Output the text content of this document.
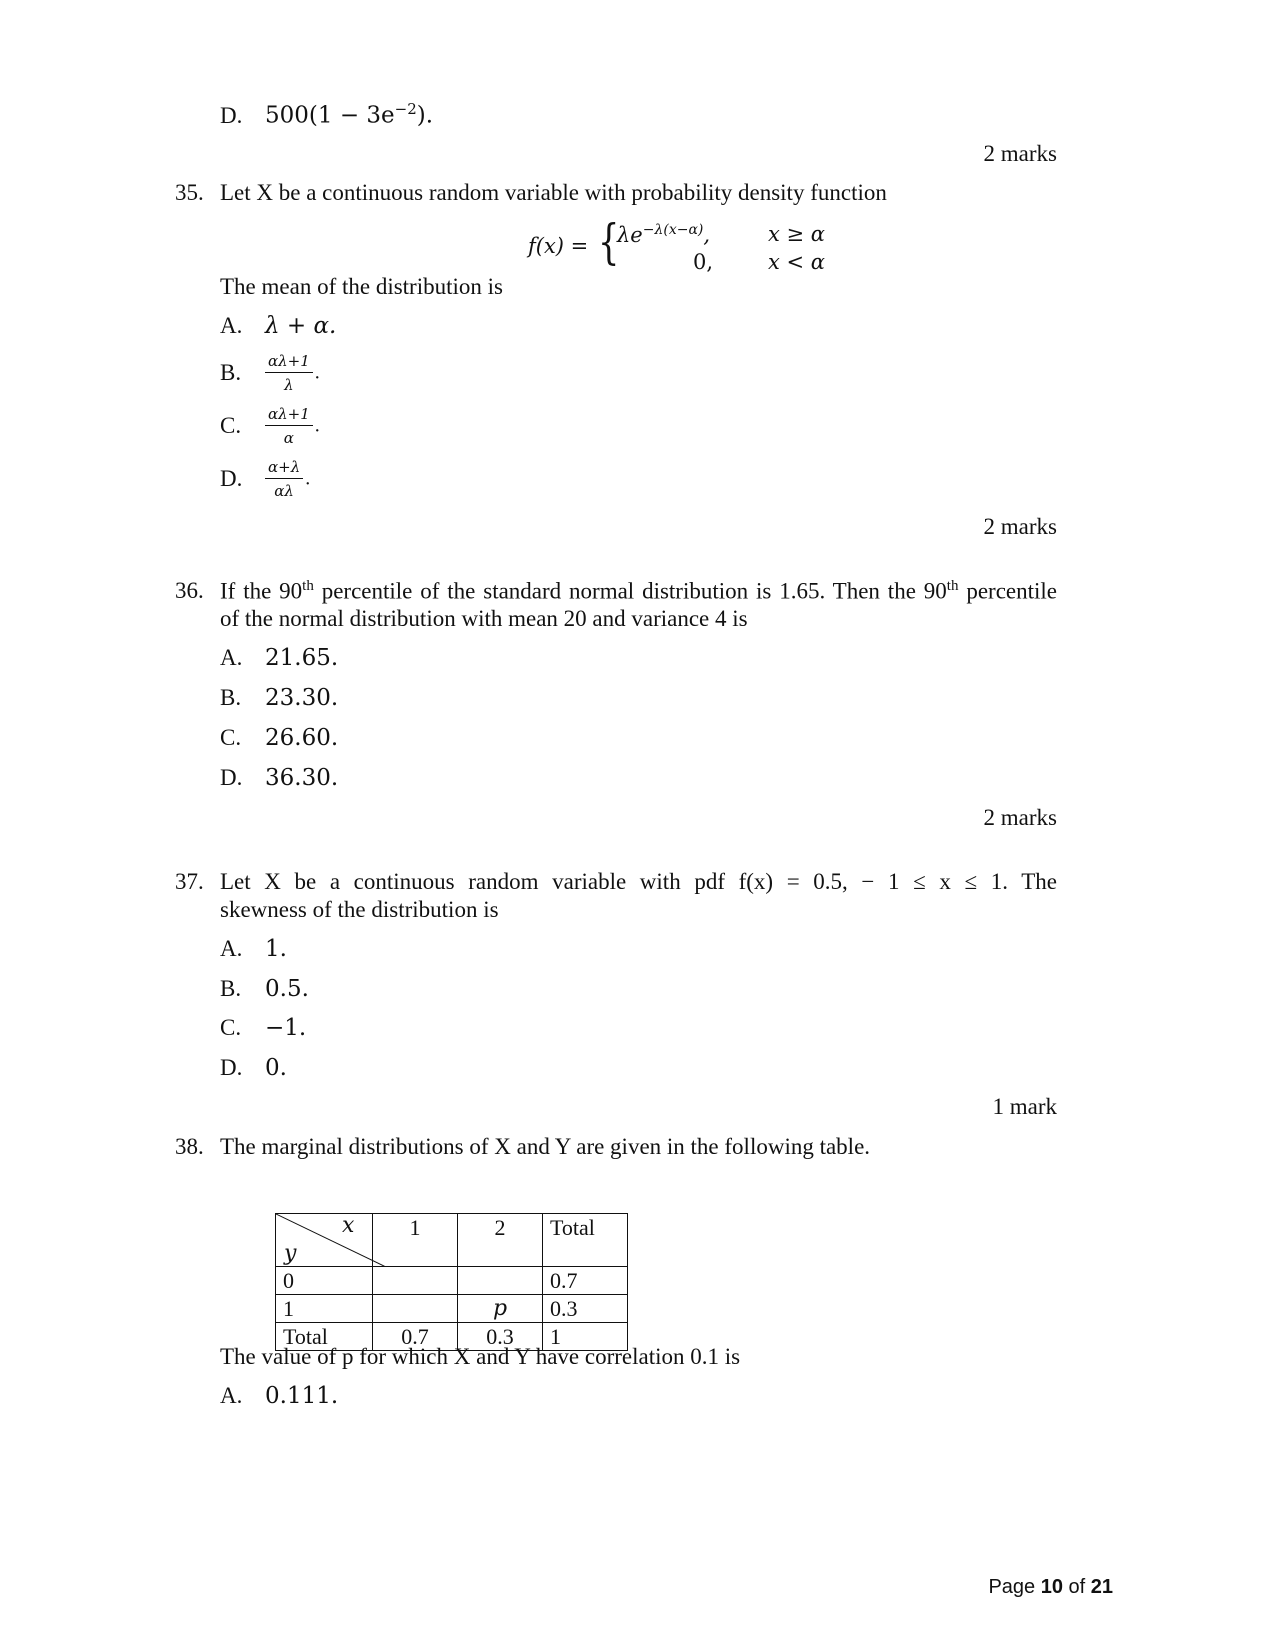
D. $500(1 - 3e^{-2})$.
2 marks
35. Let X be a continuous random variable with probability density function
f(x) = {
$\lambda e^{-\lambda(x-\alpha)}$,	x ≥ α
0,	x < α
The mean of the distribution is
A. λ + α.
B. $\frac{\alpha\lambda+1}{\lambda}$ .
C. $\frac{\alpha\lambda+1}{\alpha}$ .
D. $\frac{\alpha+\lambda}{\alpha\lambda}$ .
2 marks
36. If the 90th percentile of the standard normal distribution is 1.65. Then the 90th percentile
of the normal distribution with mean 20 and variance 4 is
A. 21.65.
B. 23.30.
C. 26.60.
D. 36.30.
2 marks
37. Let X be a continuous random variable with pdf f(x) = 0.5, − 1 ≤ x ≤ 1. The
skewness of the distribution is
A. 1.
B. 0.5.
C. −1.
D. 0.
1 mark
38. The marginal distributions of X and Y are given in the following table.
x
y	1	2	Total
0			0.7
1		p	0.3
Total	0.7	0.3	1
The value of p for which X and Y have correlation 0.1 is
A. 0.111.
Page 10 of 21
